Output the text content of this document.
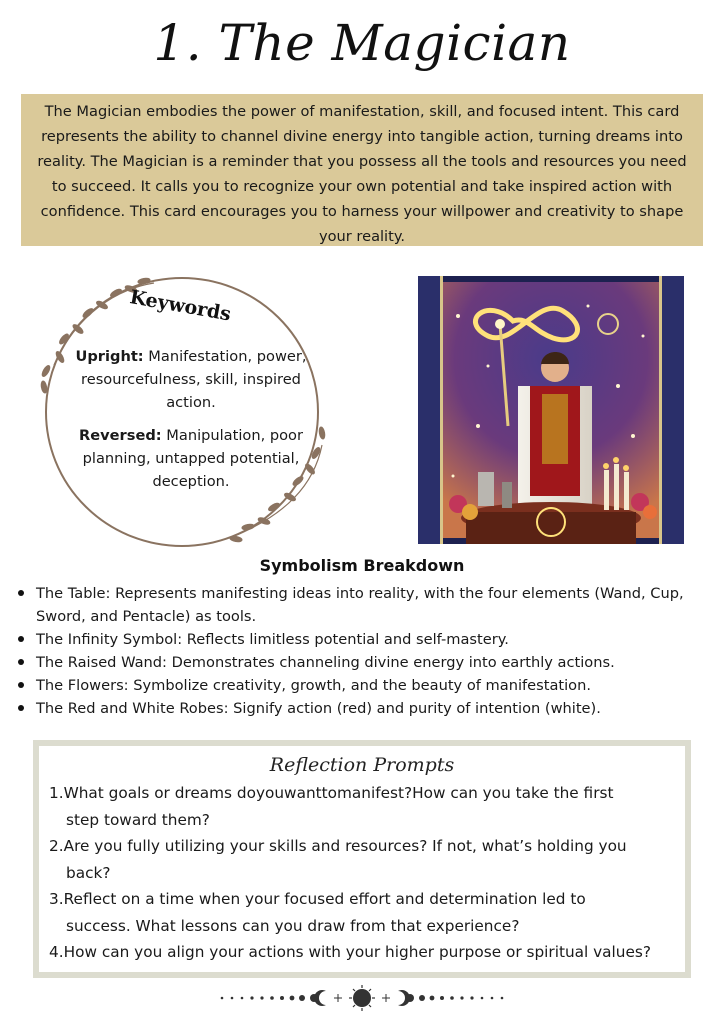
1. The Magician
The Magician embodies the power of manifestation, skill, and focused intent. This card represents the ability to channel divine energy into tangible action, turning dreams into reality. The Magician is a reminder that you possess all the tools and resources you need to succeed. It calls you to recognize your own potential and take inspired action with confidence. This card encourages you to harness your willpower and creativity to shape your reality.
Keywords
Upright: Manifestation, power, resourcefulness, skill, inspired action.
Reversed: Manipulation, poor planning, untapped potential, deception.
Symbolism Breakdown
The Table: Represents manifesting ideas into reality, with the four elements (Wand, Cup, Sword, and Pentacle) as tools.
The Infinity Symbol: Reflects limitless potential and self-mastery.
The Raised Wand: Demonstrates channeling divine energy into earthly actions.
The Flowers: Symbolize creativity, growth, and the beauty of manifestation.
The Red and White Robes: Signify action (red) and purity of intention (white).
Reflection Prompts
1.What goals or dreams doyouwanttomanifest?How can you take the first
step toward them?
2.Are you fully utilizing your skills and resources? If not, what’s holding you
back?
3.Reflect on a time when your focused effort and determination led to
success. What lessons can you draw from that experience?
4.How can you align your actions with your higher purpose or spiritual values?
